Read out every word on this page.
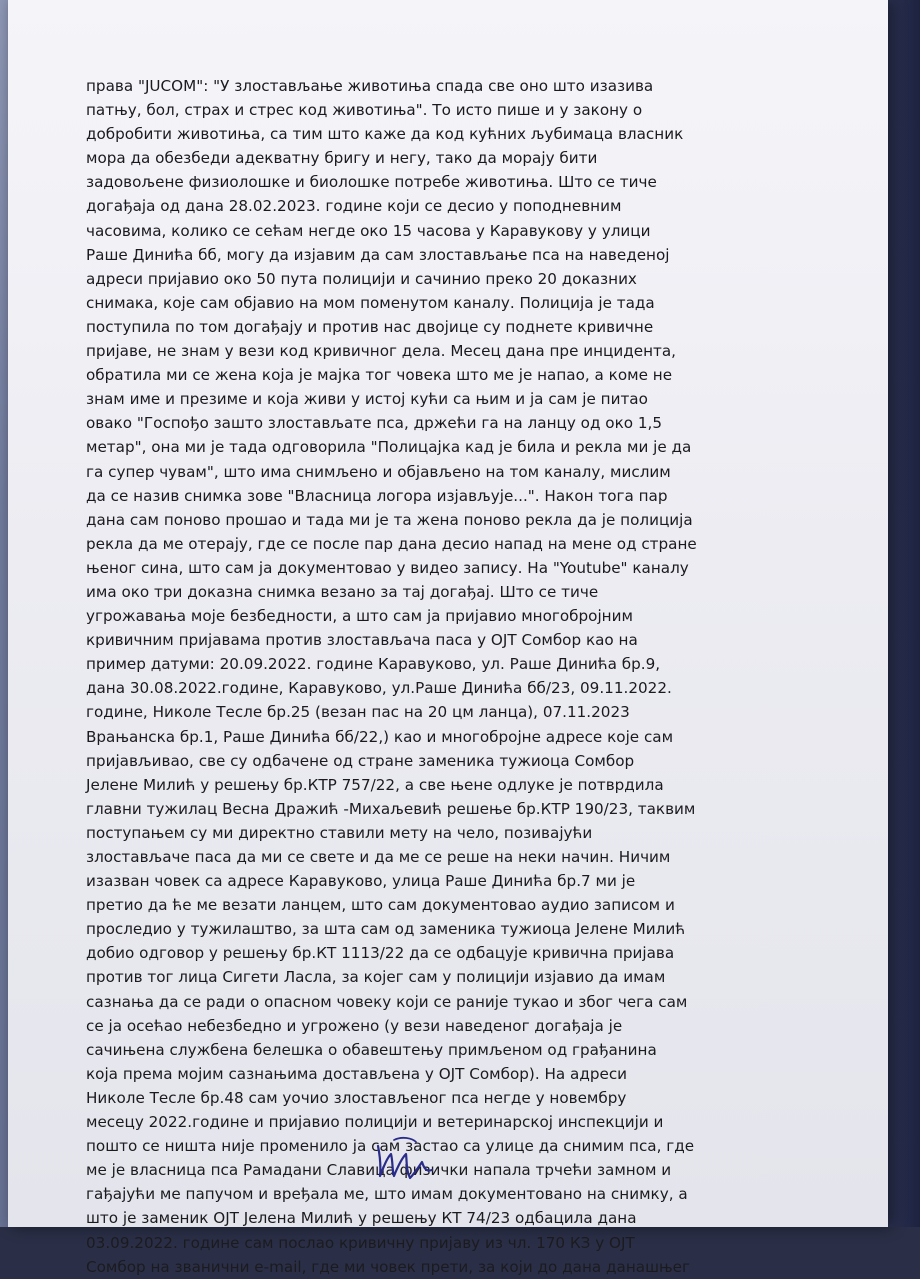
права "JUCOM": "У злостављање животиња спада све оно што изазива
патњу, бол, страх и стрес код животиња". То исто пише и у закону о
добробити животиња, са тим што каже да код кућних љубимаца власник
мора да обезбеди адекватну бригу и негу, тако да морају бити
задовољене физиолошке и биолошке потребе животиња. Што се тиче
догађаја од дана 28.02.2023. године који се десио у поподневним
часовима, колико се сећам негде око 15 часова у Каравукову у улици
Раше Динића бб, могу да изјавим да сам злостављање пса на наведеној
адреси пријавио око 50 пута полицији и сачинио преко 20 доказних
снимака, које сам објавио на мом поменутом каналу. Полиција је тада
поступила по том догађају и против нас двојице су поднете кривичне
пријаве, не знам у вези код кривичног дела. Месец дана пре инцидента,
обратила ми се жена која је мајка тог човека што ме је напао, а коме не
знам име и презиме и која живи у истој кући са њим и ја сам је питао
овако "Госпођо зашто злостављате пса, држећи га на ланцу од око 1,5
метар", она ми је тада одговорила "Полицајка кад је била и рекла ми је да
га супер чувам", што има снимљено и објављено на том каналу, мислим
да се назив снимка зове "Власница логора изјављује...". Након тога пар
дана сам поново прошао и тада ми је та жена поново рекла да је полиција
рекла да ме отерају, где се после пар дана десио напад на мене од стране
њеног сина, што сам ја документовао у видео запису. На "Youtube" каналу
има око три доказна снимка везано за тај догађај. Што се тиче
угрожавања моје безбедности, а што сам ја пријавио многобројним
кривичним пријавама против злостављача паса у ОЈТ Сомбор као на
пример датуми: 20.09.2022. године Каравуково, ул. Раше Динића бр.9,
дана 30.08.2022.године, Каравуково, ул.Раше Динића бб/23, 09.11.2022.
године, Николе Тесле бр.25 (везан пас на 20 цм ланца), 07.11.2023
Врањанска бр.1, Раше Динића бб/22,) као и многобројне адресе које сам
пријављивао, све су одбачене од стране заменика тужиоца Сомбор
Јелене Милић у решењу бр.КТР 757/22, а све њене одлуке је потврдила
главни тужилац Весна Дражић -Михаљевић решење бр.КТР 190/23, таквим
поступањем су ми директно ставили мету на чело, позивајући
злостављаче паса да ми се свете и да ме се реше на неки начин. Ничим
изазван човек са адресе Каравуково, улица Раше Динића бр.7 ми је
претио да ће ме везати ланцем, што сам документовао аудио записом и
проследио у тужилаштво, за шта сам од заменика тужиоца Јелене Милић
добио одговор у решењу бр.КТ 1113/22 да се одбацује кривична пријава
против тог лица Сигети Ласла, за којег сам у полицији изјавио да имам
сазнања да се ради о опасном човеку који се раније тукао и због чега сам
се ја осећао небезбедно и угрожено (у вези наведеног догађаја је
сачињена службена белешка о обавештењу примљеном од грађанина
која према мојим сазнањима достављена у ОЈТ Сомбор). На адреси
Николе Тесле бр.48 сам уочио злостављеног пса негде у новембру
месецу 2022.године и пријавио полицији и ветеринарској инспекцији и
пошто се ништа није променило ја сам застао са улице да снимим пса, где
ме је власница пса Рамадани Славица физички напала трчећи замном и
гађајући ме папучом и вређала ме, што имам документовано на снимку, а
што је заменик ОЈТ Јелена Милић у решењу КТ 74/23 одбацила дана
03.09.2022. године сам послао кривичну пријаву из чл. 170 КЗ у ОЈТ
Сомбор на званични e-mail, где ми човек прети, за који до дана данашњег
